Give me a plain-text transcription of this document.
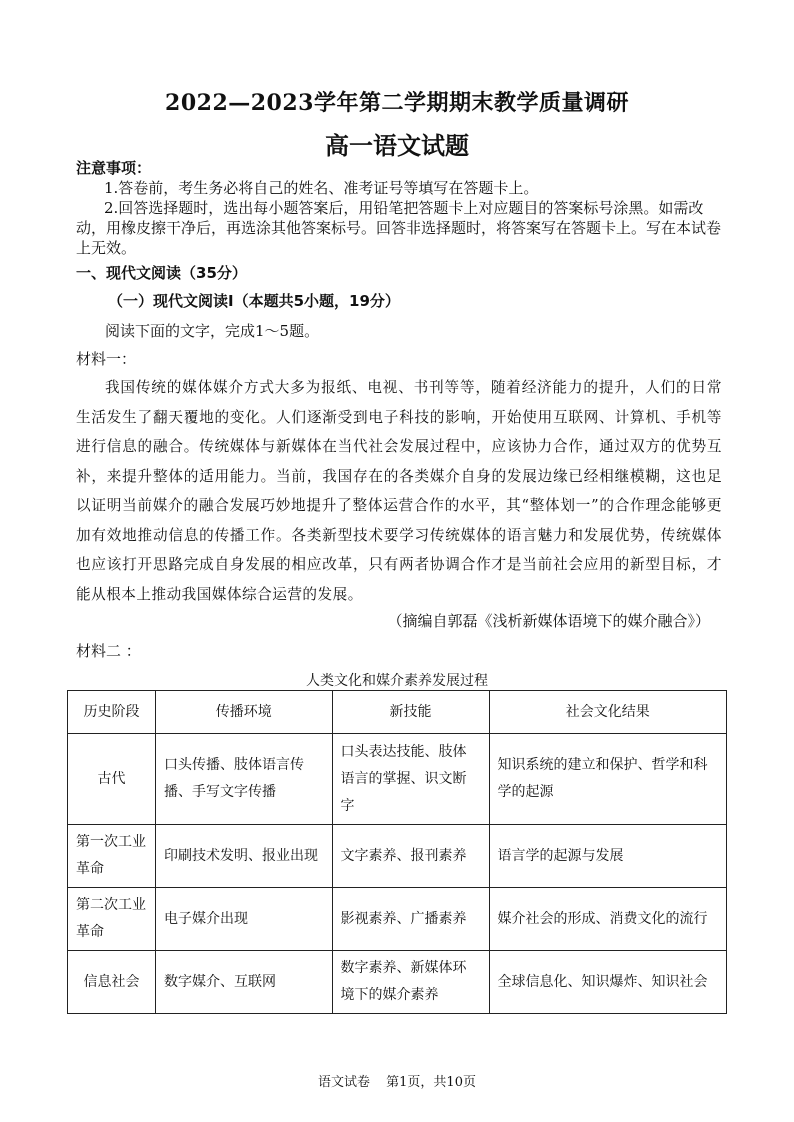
2022—2023学年第二学期期末教学质量调研
高一语文试题

注意事项：

1.答卷前，考生务必将自己的姓名、准考证号等填写在答题卡上。

2.回答选择题时，选出每小题答案后，用铅笔把答题卡上对应题目的答案标号涂黑。如需改动，用橡皮擦干净后，再选涂其他答案标号。回答非选择题时，将答案写在答题卡上。写在本试卷上无效。

一、现代文阅读（35分）
（一）现代文阅读Ⅰ（本题共5小题，19分）
阅读下面的文字，完成1～5题。
材料一：
我国传统的媒体媒介方式大多为报纸、电视、书刊等等，随着经济能力的提升，人们的日常生活发生了翻天覆地的变化。人们逐渐受到电子科技的影响，开始使用互联网、计算机、手机等进行信息的融合。传统媒体与新媒体在当代社会发展过程中，应该协力合作，通过双方的优势互补，来提升整体的适用能力。当前，我国存在的各类媒介自身的发展边缘已经相继模糊，这也足以证明当前媒介的融合发展巧妙地提升了整体运营合作的水平，其“整体划一”的合作理念能够更加有效地推动信息的传播工作。各类新型技术要学习传统媒体的语言魅力和发展优势，传统媒体也应该打开思路完成自身发展的相应改革，只有两者协调合作才是当前社会应用的新型目标，才能从根本上推动我国媒体综合运营的发展。
（摘编自郭磊《浅析新媒体语境下的媒介融合》）
材料二 ：
人类文化和媒介素养发展过程
历史阶段	传播环境	新技能	社会文化结果
古代	口头传播、肢体语言传播、手写文字传播	口头表达技能、肢体语言的掌握、识文断字	知识系统的建立和保护、哲学和科学的起源
第一次工业革命	印刷技术发明、报业出现	文字素养、报刊素养	语言学的起源与发展
第二次工业革命	电子媒介出现	影视素养、广播素养	媒介社会的形成、消费文化的流行
信息社会	数字媒介、互联网	数字素养、新媒体环境下的媒介素养	全球信息化、知识爆炸、知识社会
语文试卷 第1页，共10页
